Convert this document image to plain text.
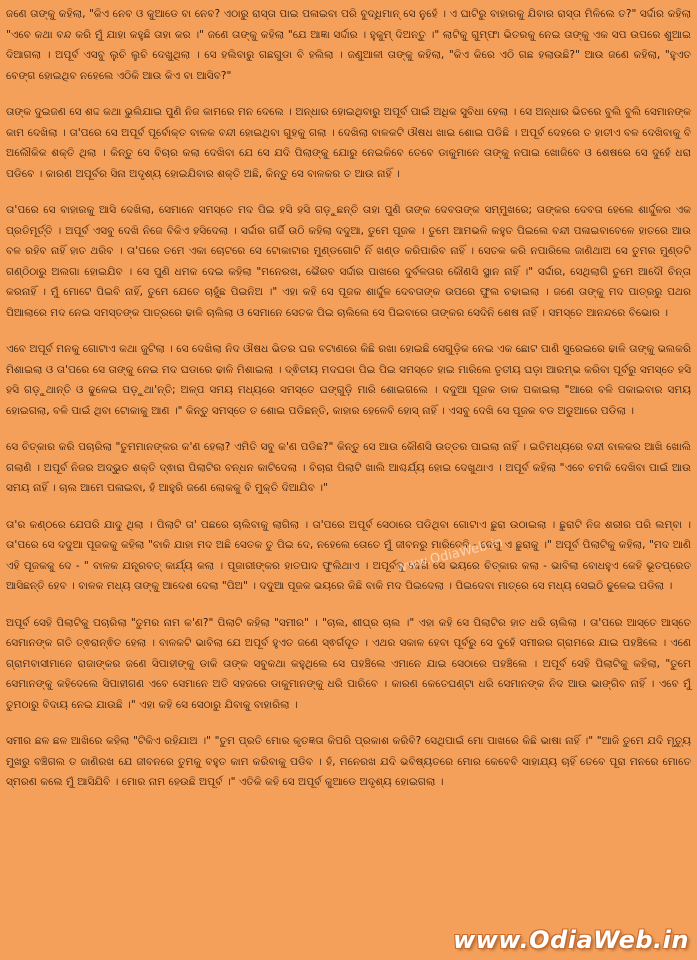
ଜଣେ ତାଙ୍କୁ କହିଲା, "କିଏ ନେବ ଓ କୁଆଡେ ବା ନେବ? ଏଠାରୁ ରାସ୍ତା ପାଇ ପଳାଇବା ପରି ବୁଦ୍ଧିମାନ୍ ସେ ନୁହେଁ । ଏ ଘାଟିରୁ ବାହାରକୁ ଯିବାର ରାସ୍ତା ମିଳିଲେ ତ?" ସର୍ଦ୍ଦାର କହିଲା "ଏବେ କଥା ବନ୍ଦ କରି ମୁଁ ଯାହା କହୁଛି ତାହା କର ।" ଜଣେ ତାଙ୍କୁ କହିଲା "ଯେ ଆଜ୍ଞା ସର୍ଦ୍ଦାର । ହୁକୁମ୍ ଦିଅନ୍ତୁ ।" ଲାଟିକୁ ଗୁମ୍ଫା ଭିତରକୁ ନେଇ ତାଙ୍କୁ ଏକ ସପ ଉପରେ ଶୁଆଇ ଦିଆଗଲା । ଅପୂର୍ବ ଏସବୁ ଲୁଚି ଲୁଚି ଦେଖୁଥିଲା । ସେ ହଲିବାରୁ ଗଛଗୁଡା ବି ହଲିଲା । ଜଣୁଆଳୀ ତାଙ୍କୁ କହିଲା, "କିଏ କିରେ ଏଠି ଗଛ ହଲାଉଛି?" ଆଉ ଜଣେ କହିଲା, "ହୁଏତ ବେଙ୍ଗ ହୋଇଥିବ ନହେଲେ ଏଠିକି ଆଉ କିଏ ବା ଆସିବ?"

ତାଙ୍କ ଦୁଇଜଣ ସେ ଶଦ୍ଦ କଥା ଭୁଲିଯାଇ ପୁଣି ନିଜ କାମରେ ମନ ଦେଲେ । ଅନ୍ଧାର ହୋଇଥିବାରୁ ଅପୂର୍ବ ପାଇଁ ଅଧିକ ସୁବିଧା ହେଲା । ସେ ଅନ୍ଧାର ଭିତରେ ବୁଲି ବୁଲି ସେମାନଙ୍କ କାମ ଦେଖିଲା । ତା'ପରେ ସେ ଅପୂର୍ବ ପୂର୍ବୋକ୍ତ ବାଳକ ବନ୍ଦୀ ହୋଇଥିବା ଗୁହକୁ ଗଲା । ଦେଖିଲା ବାଳକଟି ଔଷଧ ଖାଇ ଶୋଇ ପଡିଛି । ଅପୂର୍ବ ଦେହରେ ତ ହାତୀଏ ବଳ ଦେଖିବାକୁ ବି ଅଲୌକିକ ଶକ୍ତି ଥିଲା । କିନ୍ତୁ ସେ ବିଚାର କଲା ଦେଖିବା ଯେ ସେ ଯଦି ପିଲାଙ୍କୁ ଯୋରୁ ନେଇକିବେ ତେବେ ଡାକୁମାନେ ତାଙ୍କୁ ନପାଇ ଖୋଜିବେ ଓ ଶେଷରେ ସେ ଦୁହେଁ ଧରା ପଡିବେ । କାରଣ ଅପୂର୍ବର ସିନା ଅଦୃଶ୍ୟ ହୋଇଯିବାର ଶକ୍ତି ଅଛି, କିନ୍ତୁ ସେ ବାଳକର ତ ଆଉ ନାହିଁ ।

ତା'ପରେ ସେ ବାହାରକୁ ଆସି ଦେଖିଲା, ସେମାନେ ସମସ୍ତେ ମଦ ପିଇ ହସି ହସି ଗଡ଼ୁଛନ୍ତି ତାହା ପୁଣି ତାଙ୍କ ଦେବତାଙ୍କ ସମ୍ମୁଖରେ; ତାଙ୍କର ଦେବତା ହେଲେ ଶାର୍ଦ୍ଦୁଳର ଏକ ପ୍ରତିମୂର୍ତ୍ତି । ଅପୂର୍ବ ଏସବୁ ଦେଖି ନିଜେ ବିକିଏ ହସିଦେଲା । ସର୍ଦ୍ଦାର ଗର୍ଜି ଉଠି କହିଲା ଦଦୁଆ, ତୁମେ ପୂଜକ । ତୁମେ ଆମଭଳି କହୁତ ପିଇଲେ ବନ୍ଦୀ ପଳାଇବାବେଳେ ହାତରେ ଆଉ ବଳ ରହିବ ନାହିଁ ହାତ ଥରିବ । ତା'ପରେ ତମେ ଏକା ଚୋଟରେ ସେ ଟୋକାଟାର ମୁଣ୍ଡଗୋଟି ନିଁ ଖଣ୍ଡ କରିପାରିବ ନାହିଁ । ସେତକ କରି ନପାରିଲେ ଜାଣିଥାଅ ସେ ତୁମର ମୁଣ୍ଡଟି ଗଣ୍ଠିଠାରୁ ଅଲଗା ହୋଇଯିବ । ସେ ପୁଣି ଧମକ ଦେଇ କହିଲା "ମନେରଖ, ଭୈରବ ସର୍ଦ୍ଦାର ପାଖରେ ଦୁର୍ବଳତାର କୌଣସି ସ୍ଥାନ ନାହିଁ ।" ସର୍ଦ୍ଦାର, ସେଥିଲାଗି ତୁମେ ଆଦୌ ଚିନ୍ତା କରନାହିଁ । ମୁଁ ମୋଟେ ପିଇବି ନାହିଁ, ତୁମେ ଯେତେ ଚାହୁଁଛ ପିଇନିଅ ।" ଏହା କହି ସେ ପୂଜକ ଶାର୍ଦ୍ଦୁଳ ଦେବତାଙ୍କ ଉପରେ ଫୁଲ ଚଢାଇଲା । ଜଣେ ତାଙ୍କୁ ମଦ ପାତ୍ରରୁ ପଥର ପିଆଲାରେ ମଦ ନେଇ ସମସ୍ତଙ୍କ ପାତ୍ରରେ ଢାଳି ଚାଲିଲା ଓ ସେମାନେ ସେତକ ପିଇ ଚାଲିଲେ ସେ ପିଇବାରେ ତାଙ୍କର ସେଦିନି ଶେଷ ନାହିଁ । ସମସ୍ତେ ଆନନ୍ଦରେ ବିଭୋର ।

ଏବେ ଅପୂର୍ବ ମନକୁ ଗୋଟାଏ କଥା ଜୁଟିଲା । ସେ ଦେଖିଲା ନିଦ ଔଷଧ ଭିତର ଘର ବଟାଣରେ କିଛି ରଖା ହୋଇଛି ସେଗୁଡ଼ିକ ନେଇ ଏକ ଛୋଟ ପାଣି ସୁରେଇରେ ଢାଳି ତାଙ୍କୁ ଭଲକରି ମିଶାଇଲା ଓ ତା'ପରେ ସେ ତାଙ୍କୁ ନେଇ ମଦ ଘଡାରେ ଢାଳି ମିଶାଇଲା । ଦ୍ଵିତୀୟ ମଦଘଡା ପିଇ ପିଇ ସମସ୍ତେ ହାଇ ମାରିଲେ ତୃତୀୟ ଘଡ଼ା ଆରମ୍ଭ କରିବା ପୂର୍ବରୁ ସମସ୍ତେ ହସି ହସି ଗଡ଼ୁଥାନ୍ତି ଓ ଢୁଳେଇ ପଡ଼ୁଥା'ନ୍ତି; ଅଳ୍ପ ସମୟ ମଧ୍ୟରେ ସମସ୍ତେ ଘଙ୍ଗୁଡ଼ି ମାରି ଶୋଇଗଲେ । ଦଦୁଆ ପୂଜକ ଡାକ ପକାଇଲା "ଆରେ ବଳି ପକାଇବାର ସମୟ ହୋଇଗଲା, ବଳି ପାଇଁ ଥିବା ଟୋକାକୁ ଆଣ ।" କିନ୍ତୁ ସମସ୍ତେ ତ ଶୋଇ ପଡିଛନ୍ତି, କାହାର ହେଳେବି ହୋସ୍ ନାହିଁ । ଏସବୁ ଦେଖି ସେ ପୂଜକ ବଡ ଅଡୁଆରେ ପଡିଲା ।

ସେ ଚିତ୍କାର କରି ପଚାରିଲା "ତୁମମାନଙ୍କର କ'ଣ ହେଲା? ଏମିତି ସବୁ କ'ଣ ପଡିଛ?" କିନ୍ତୁ ସେ ଆଉ କୌଣସି ଉତ୍ତର ପାଇଲା ନାହିଁ । ଇତିମଧ୍ୟରେ ବନ୍ଦୀ ବାଳକର ଆଖି ଖୋଲି ଗଲାଣି । ଅପୂର୍ବ ନିଜର ଅଦ୍ଭୁତ ଶକ୍ତି ଦ୍ଵାରା ପିଲାଟିର ବନ୍ଧନ କାଟିଦେଲା । ବିଚାରା ପିଲାଟି ଖାଲି ଆଶ୍ଚର୍ଯ୍ୟ ହୋଇ ଦେଖୁଥାଏ । ଅପୂର୍ବ କହିଲା "ଏବେ ଚମକି ଦେଖିବା ପାଇଁ ଆଉ ସମୟ ନାହିଁ । ଚାଲ ଆମେ ପଳାଇବା, ହଁ ଆହୁରି ଜଣେ ଲୋକକୁ ବି ମୁକ୍ତି ଦିଆଯିବ ।"

ତା'ର କଣ୍ଠରେ ଯେପରି ଯାଦୁ ଥିଲା । ପିଲାଟି ତା' ପଛରେ ଚାଲିବାକୁ ଲାଗିଲା । ତା'ପରେ ଅପୂର୍ବ ସେଠାରେ ପଡିଥିବା ଗୋଟାଏ ଛୁରା ଉଠାଇଲା । ଛୁରାଟି ନିଜ ଶରୀର ପରି ଲମ୍ବା । ତା'ପରେ ସେ ଦଦୁଆ ପୂଜକକୁ କହିଲା "ବାକି ଯାହା ମଦ ଅଛି ସେତକ ତୁ ପିଇ ଦେ, ନହେଲେ ତୋତେ ମୁଁ ଜୀବନରୁ ମାରିଦେବି - ଦେଖୁ ଏ ଛୁରାକୁ ।" ଅପୂର୍ବ ପିଲାଟିକୁ କହିଲା, "ମଦ ଆଣି ଏହି ପୂଜକକୁ ଦେ - " ବାଳକ ଯନ୍ତ୍ରବତ୍ କାର୍ଯ୍ୟ କଲା । ପୂଜାରୀଙ୍କର ହାତପାଦ ଫୁଲିଥାଏ । ଅପୂର୍ବକୁ ଦେଖି ସେ ଭୟରେ ଚିତ୍କାର କଲା - ଭାବିଲା ବୋଧହୁଏ କେହି ଭୂତପ୍ରେତ ଆସିଛନ୍ତି ହେବ । ବାଳକ ମଧ୍ୟ ତାଙ୍କୁ ଆଦେଶ ଦେଲା "ପିଅ" । ଦଦୁଆ ପୂଜକ ଭୟରେ କିଛି ବାକି ମଦ ପିଇଦେଲା । ପିଇଦେବା ମାତ୍ରେ ସେ ମଧ୍ୟ ସେଇଠି ଢୁଳେଇ ପଡିଲା ।

ଅପୂର୍ବ ସେହି ପିଲାଟିକୁ ପଚାରିଲା "ତୁମର ନାମ କ'ଣ?" ପିଲାଟି କହିଲା "ସମୀର" । "ଚାଲ, ଶୀଘ୍ର ଚାଲ ।" ଏହା କହି ସେ ପିଲାଟିର ହାତ ଧରି ଚାଲିଲା । ତା'ପରେ ଆସ୍ତେ ଆସ୍ତେ ସେମାନଙ୍କ ଗତି ତ୍ଵରାନ୍ଵିତ ହେଲା । ବାଳକଟି ଭାବିଲା ଯେ ଅପୂର୍ବ ହୁଏତ ଜଣେ ସ୍ଵର୍ଗଦୂତ । ଏଥର ସକାଳ ହେବା ପୂର୍ବରୁ ସେ ଦୁହେଁ ସମୀରର ଗ୍ରାମରେ ଯାଇ ପହଞ୍ଚିଲେ । ଏଣେ ଗ୍ରାମବାସୀମାନେ ରାଜାଙ୍କର ଜଣେ ସିପାହୀଙ୍କୁ ଡାକି ତାଙ୍କ ସବୁକଥା କହୁଥିଲେ ସେ ପହଞ୍ଚିଲେ ଏମାନେ ଯାଇ ସେଠାରେ ପହଞ୍ଚିଲେ । ଅପୂର୍ବ ସେହି ପିଲାଟିକୁ କହିଲା, "ତୁମେ ସେମାନଙ୍କୁ କହିଦେଲେ ସିପାହୀଗଣ ଏବେ ସେମାନେ ଅତି ସହଜରେ ଡାକୁମାନଙ୍କୁ ଧରି ପାରିବେ । କାରଣ କେତେଘଣ୍ଟା ଧରି ସେମାନଙ୍କ ନିଦ ଆଉ ଭାଙ୍ଗିବ ନାହିଁ । ଏବେ ମୁଁ ତୁମଠାରୁ ବିଦାୟ ନେଇ ଯାଉଛି ।" ଏହା କହି ସେ ସେଠାରୁ ଯିବାକୁ ବାହାରିଲା ।

ସମୀର ଛଳ ଛଳ ଆଖିରେ କହିଲା "ଟିକିଏ ରହିଯାଅ ।" "ତୁମ ପ୍ରତି ମୋର କୃତଜ୍ଞତା କିପରି ପ୍ରକାଶ କରିବି? ସେଥିପାଇଁ ମୋ ପାଖରେ କିଛି ଭାଷା ନାହିଁ ।" "ଆଜି ତୁମେ ଯଦି ମୃତ୍ୟୁ ମୁଖରୁ ବଞ୍ଚିଗଲ ତ ଜାଣିରଖ ଯେ ଜୀବନରେ ତୁମକୁ ବହୁତ କାମ କରିବାକୁ ପଡିବ । ହଁ, ମନେରଖ ଯଦି ଭବିଷ୍ୟତରେ ମୋର କେବେବି ସାହାଯ୍ୟ ଚାହିଁ ତେବେ ପୂରା ମନରେ ମୋତେ ସ୍ମରଣ କଲେ ମୁଁ ଆସିଯିବି । ମୋର ନାମ ହେଉଛି ଅପୂର୍ବ ।" ଏତିକି କହି ସେ ଅପୂର୍ବ କୁଆଡେ ଅଦୃଶ୍ୟ ହୋଇଗଲା ।

www.OdiaWeb.in
www.OdiaWeb.in
